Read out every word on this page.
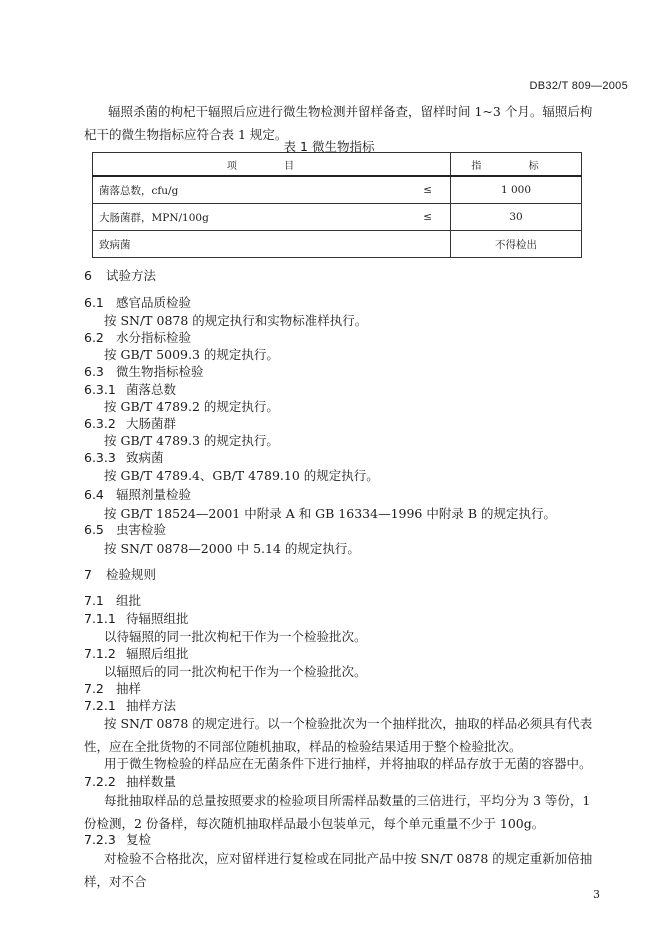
DB32/T 809—2005
辐照杀菌的枸杞干辐照后应进行微生物检测并留样备查，留样时间 1~3 个月。辐照后枸杞干的微生物指标应符合表 1 规定。
表 1 微生物指标
项 目		指 标
菌落总数，cfu/g	≤	1 000
大肠菌群，MPN/100g	≤	30
致病菌		不得检出
6 试验方法
6.1 感官品质检验
按 SN/T 0878 的规定执行和实物标准样执行。
6.2 水分指标检验
按 GB/T 5009.3 的规定执行。
6.3 微生物指标检验
6.3.1 菌落总数
按 GB/T 4789.2 的规定执行。
6.3.2 大肠菌群
按 GB/T 4789.3 的规定执行。
6.3.3 致病菌
按 GB/T 4789.4、GB/T 4789.10 的规定执行。
6.4 辐照剂量检验
按 GB/T 18524—2001 中附录 A 和 GB 16334—1996 中附录 B 的规定执行。
6.5 虫害检验
按 SN/T 0878—2000 中 5.14 的规定执行。
7 检验规则
7.1 组批
7.1.1 待辐照组批
以待辐照的同一批次枸杞干作为一个检验批次。
7.1.2 辐照后组批
以辐照后的同一批次枸杞干作为一个检验批次。
7.2 抽样
7.2.1 抽样方法
按 SN/T 0878 的规定进行。以一个检验批次为一个抽样批次，抽取的样品必须具有代表性，应在全批货物的不同部位随机抽取，样品的检验结果适用于整个检验批次。
用于微生物检验的样品应在无菌条件下进行抽样，并将抽取的样品存放于无菌的容器中。
7.2.2 抽样数量
每批抽取样品的总量按照要求的检验项目所需样品数量的三倍进行，平均分为 3 等份，1 份检测，2 份备样，每次随机抽取样品最小包装单元，每个单元重量不少于 100g。
7.2.3 复检
对检验不合格批次，应对留样进行复检或在同批产品中按 SN/T 0878 的规定重新加倍抽样，对不合
3
